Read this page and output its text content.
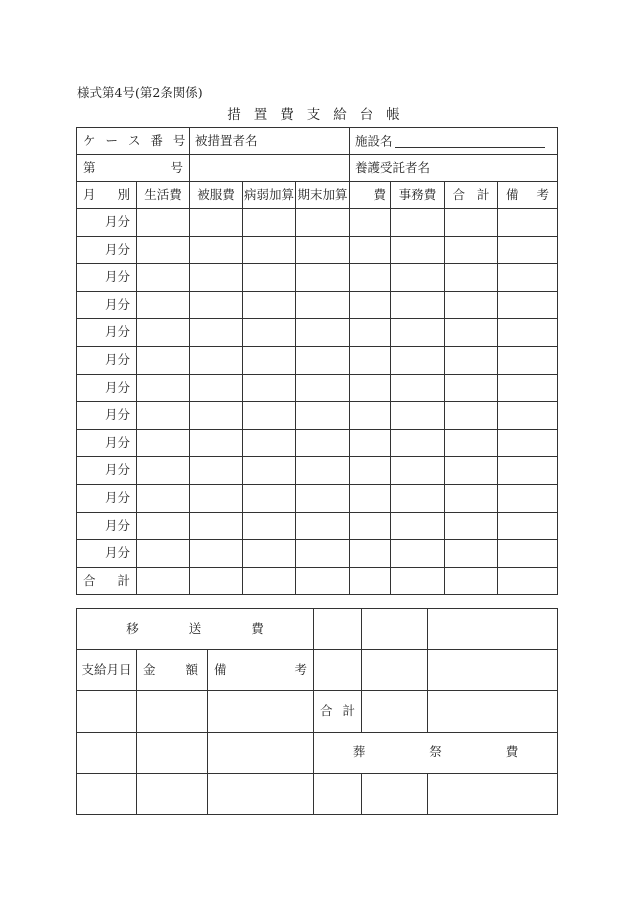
様式第4号(第2条関係)
措置費支給台帳
ケ ー ス 番 号		被措置者名			施設名			

第 号					養護受託者名			

月 別	生活費	被服費	病弱加算	期末加算	費	事務費	合 計	備 考
月分								
月分								
月分								
月分								
月分								
月分								
月分								
月分								
月分								
月分								
月分								
月分								
月分								

合 計								

移 送 費					
支給月日	金 額	備 考			

			合 計		
			葬 祭 費		
